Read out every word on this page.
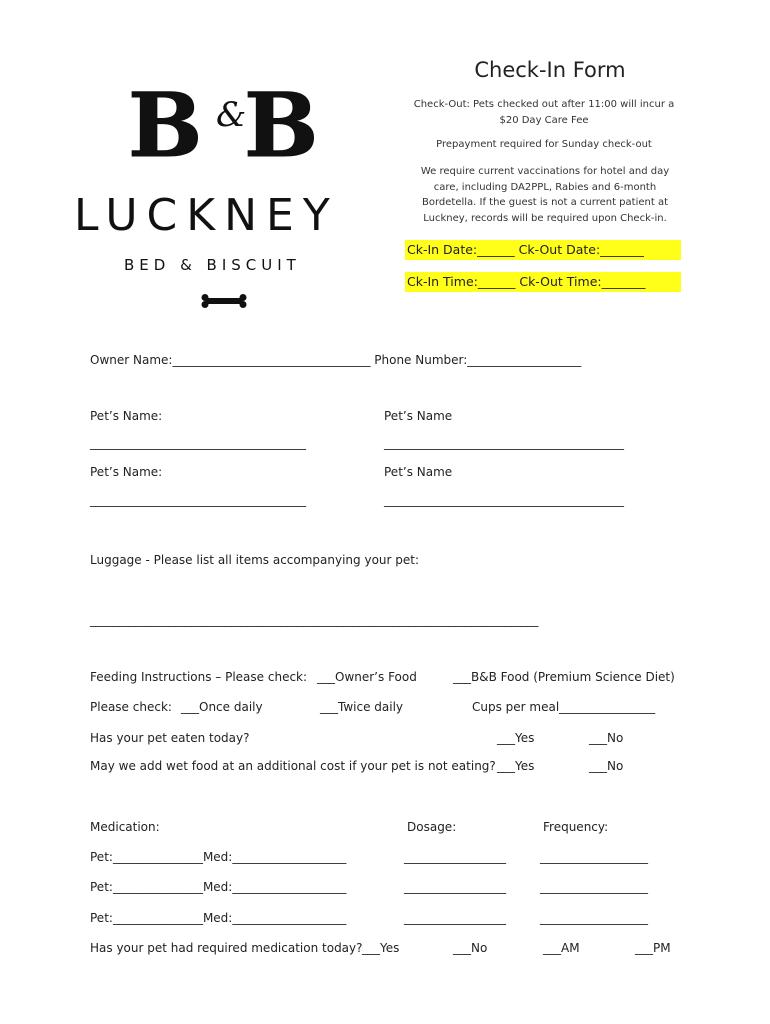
B &
B
LUCKNEY
BED & BISCUIT
Check-In Form
Check-Out: Pets checked out after 11:00 will incur a $20 Day Care Fee
Prepayment required for Sunday check-out
We require current vaccinations for hotel and day care, including DA2PPL, Rabies and 6-month Bordetella. If the guest is not a current patient at Luckney, records will be required upon Check-in.
Ck-In Date:______ Ck-Out Date:_______
Ck-In Time:______ Ck-Out Time:_______
Owner Name:_________________________________ Phone Number:___________________
Pet’s Name:	Pet’s Name
____________________________________	________________________________________
Pet’s Name:	Pet’s Name
____________________________________	________________________________________
Luggage - Please list all items accompanying your pet:
________________________________________________________________________________
Feeding Instructions – Please check: ___Owner’s Food	___B&B Food (Premium Science Diet)
Please check: ___Once daily	___Twice daily	Cups per meal________________
Has your pet eaten today?	___Yes	___No
May we add wet food at an additional cost if your pet is not eating? ___Yes	___No
Medication:	Dosage:	Frequency:
Pet:_______________Med:___________________	_________________	__________________
Pet:_______________Med:___________________	_________________	__________________
Pet:_______________Med:___________________	_________________	__________________
Has your pet had required medication today? ___Yes	___No	___AM	___PM
